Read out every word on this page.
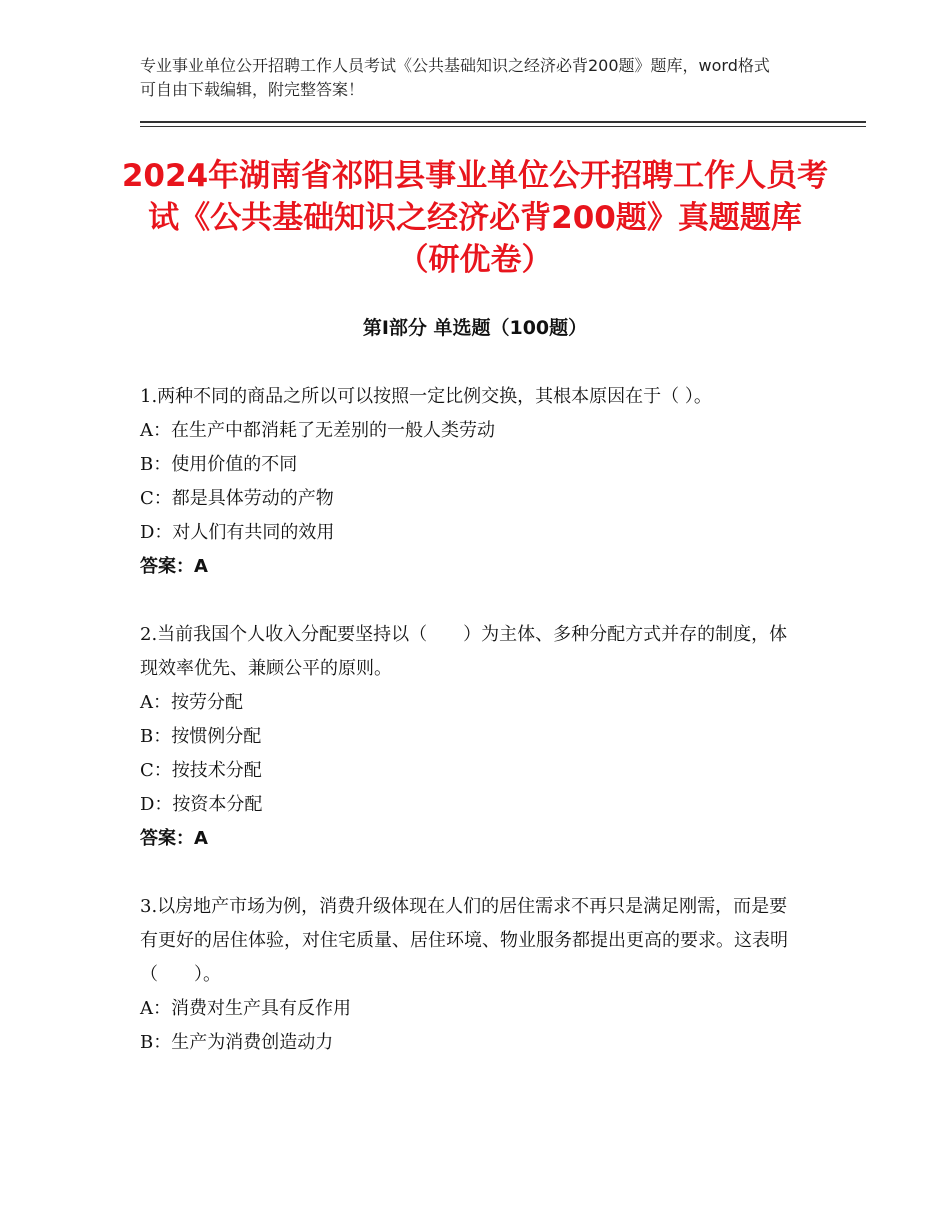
专业事业单位公开招聘工作人员考试《公共基础知识之经济必背200题》题库，word格式可自由下载编辑，附完整答案！
2024年湖南省祁阳县事业单位公开招聘工作人员考试《公共基础知识之经济必背200题》真题题库（研优卷）
第I部分 单选题（100题）
1.两种不同的商品之所以可以按照一定比例交换，其根本原因在于（ ）。
A：在生产中都消耗了无差别的一般人类劳动
B：使用价值的不同
C：都是具体劳动的产物
D：对人们有共同的效用
答案：A
2.当前我国个人收入分配要坚持以（　　）为主体、多种分配方式并存的制度，体现效率优先、兼顾公平的原则。
A：按劳分配
B：按惯例分配
C：按技术分配
D：按资本分配
答案：A
3.以房地产市场为例，消费升级体现在人们的居住需求不再只是满足刚需，而是要有更好的居住体验，对住宅质量、居住环境、物业服务都提出更高的要求。这表明（　　）。
A：消费对生产具有反作用
B：生产为消费创造动力
